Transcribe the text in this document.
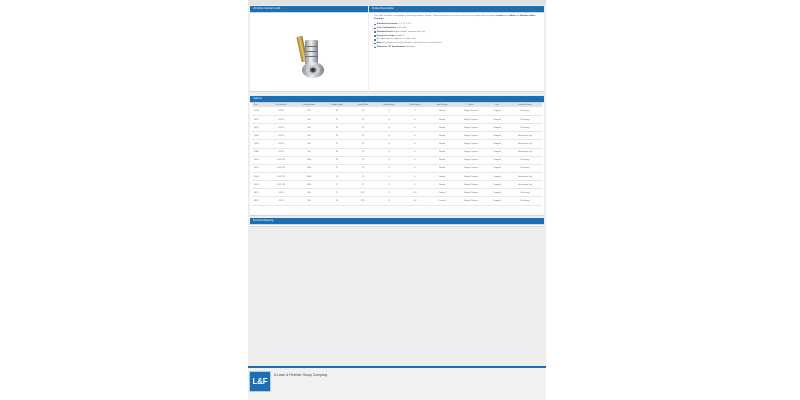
20-32mm Camlock 1443	Product Description

The 1443 Camlock is available in 6 housing lengths; 20mm, 27mm and 32mm. It can be used in various applications including Lockers and Metal and Wooden Office Furniture.

Standard Increments: 1, 2, 3, 4, 5, 6
Lock Combinations: 500-2000
Standard Finish: Bright chrome, stainless steel cap
Fixing hole shape: Double D
All keyed options supplied in a cinder only
Note: Housing nut can only be fitted or removed if cam is removed first
Dimension "B" Specification: See Here
Options
Part	Key Number	Combinations	Body Length	Head Width	Head Height	Head Depth	Head Shape	Finish	Cap	Housing Fixing
1443	92 M	200	22	22	8	3	Round	Bright Chrome	Capped	Nut fixing
1441	92 M	200	27	22	8	3	Round	Bright Chrome	Capped	Nut fixing
1442	92 M	200	32	22	8	3	Round	Bright Chrome	Capped	Nut fixing
1384	92 M	200	22	22	8	3	Round	Bright Chrome	Capped	Horseshoe clip
1385	92 M	200	27	22	8	3	Round	Bright Chrome	Capped	Horseshoe clip
1386	92 M	200	32	22	8	3	Round	Bright Chrome	Capped	Horseshoe clip
1440	95-97 M	2000	22	22	8	3	Round	Bright Chrome	Capped	Nut fixing
1441	95-97 M	2000	27	22	8	3	Round	Bright Chrome	Capped	Nut fixing
1486	95-97 M	2000	22	22	8	3	Round	Bright Chrome	Capped	Horseshoe clip
1490	95-97 M	2000	27	22	8	3	Round	Bright Chrome	Capped	Horseshoe clip
8431	92 M	200	27	23.7	8	4.6	Conical	Bright Chrome	Capped	Nut fixing
8432	92 M	200	32	23.7	8	4.6	Conical	Bright Chrome	Capped	Nut fixing
Technical Drawing
L&F
A Lowe & Fletcher Group Company
